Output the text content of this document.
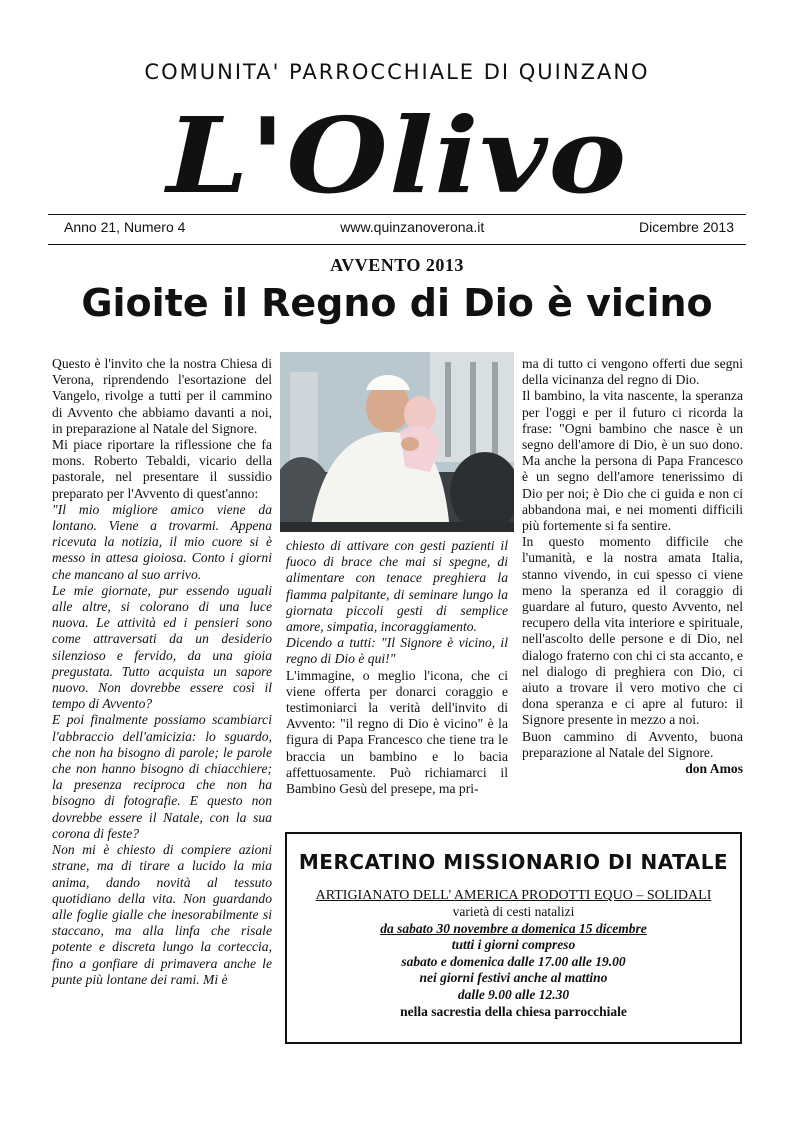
COMUNITA' PARROCCHIALE DI QUINZANO
L'Olivo
Anno 21, Numero 4	www.quinzanoverona.it	Dicembre 2013
AVVENTO 2013
Gioite il Regno di Dio è vicino

Questo è l'invito che la nostra Chiesa di Verona, riprendendo l'esortazione del Vangelo, rivolge a tutti per il cammino di Avvento che abbiamo davanti a noi, in preparazione al Natale del Signore.

Mi piace riportare la riflessione che fa mons. Roberto Tebaldi, vicario della pastorale, nel presentare il sussidio preparato per l'Avvento di quest'anno:

"Il mio migliore amico viene da lontano. Viene a trovarmi. Appena ricevuta la notizia, il mio cuore si è messo in attesa gioiosa. Conto i giorni che mancano al suo arrivo.

Le mie giornate, pur essendo uguali alle altre, si colorano di una luce nuova. Le attività ed i pensieri sono come attraversati da un desiderio silenzioso e fervido, da una gioia pregustata. Tutto acquista un sapore nuovo. Non dovrebbe essere così il tempo di Avvento?

E poi finalmente possiamo scambiarci l'abbraccio dell'amicizia: lo sguardo, che non ha bisogno di parole; le parole che non hanno bisogno di chiacchiere; la presenza reciproca che non ha bisogno di fotografie. E questo non dovrebbe essere il Natale, con la sua corona di feste?

Non mi è chiesto di compiere azioni strane, ma di tirare a lucido la mia anima, dando novità al tessuto quotidiano della vita. Non guardando alle foglie gialle che inesorabilmente si staccano, ma alla linfa che risale potente e discreta lungo la corteccia, fino a gonfiare di primavera anche le punte più lontane dei rami. Mi è

chiesto di attivare con gesti pazienti il fuoco di brace che mai si spegne, di alimentare con tenace preghiera la fiamma palpitante, di seminare lungo la giornata piccoli gesti di semplice amore, simpatia, incoraggiamento.

Dicendo a tutti: "Il Signore è vicino, il regno di Dio è qui!"

L'immagine, o meglio l'icona, che ci viene offerta per donarci coraggio e testimoniarci la verità dell'invito di Avvento: "il regno di Dio è vicino" è la figura di Papa Francesco che tiene tra le braccia un bambino e lo bacia affettuosamente. Può richiamarci il Bambino Gesù del presepe, ma pri-

ma di tutto ci vengono offerti due segni della vicinanza del regno di Dio.

Il bambino, la vita nascente, la speranza per l'oggi e per il futuro ci ricorda la frase: "Ogni bambino che nasce è un segno dell'amore di Dio, è un suo dono. Ma anche la persona di Papa Francesco è un segno dell'amore tenerissimo di Dio per noi; è Dio che ci guida e non ci abbandona mai, e nei momenti difficili più fortemente si fa sentire.

In questo momento difficile che l'umanità, e la nostra amata Italia, stanno vivendo, in cui spesso ci viene meno la speranza ed il coraggio di guardare al futuro, questo Avvento, nel recupero della vita interiore e spirituale, nell'ascolto delle persone e di Dio, nel dialogo fraterno con chi ci sta accanto, e nel dialogo di preghiera con Dio, ci aiuto a trovare il vero motivo che ci dona speranza e ci apre al futuro: il Signore presente in mezzo a noi.

Buon cammino di Avvento, buona preparazione al Natale del Signore.

don Amos

MERCATINO MISSIONARIO DI NATALE
ARTIGIANATO DELL' AMERICA PRODOTTI EQUO – SOLIDALI
varietà di cesti natalizi
da sabato 30 novembre a domenica 15 dicembre
tutti i giorni compreso
sabato e domenica dalle 17.00 alle 19.00
nei giorni festivi anche al mattino
dalle 9.00 alle 12.30
nella sacrestia della chiesa parrocchiale
